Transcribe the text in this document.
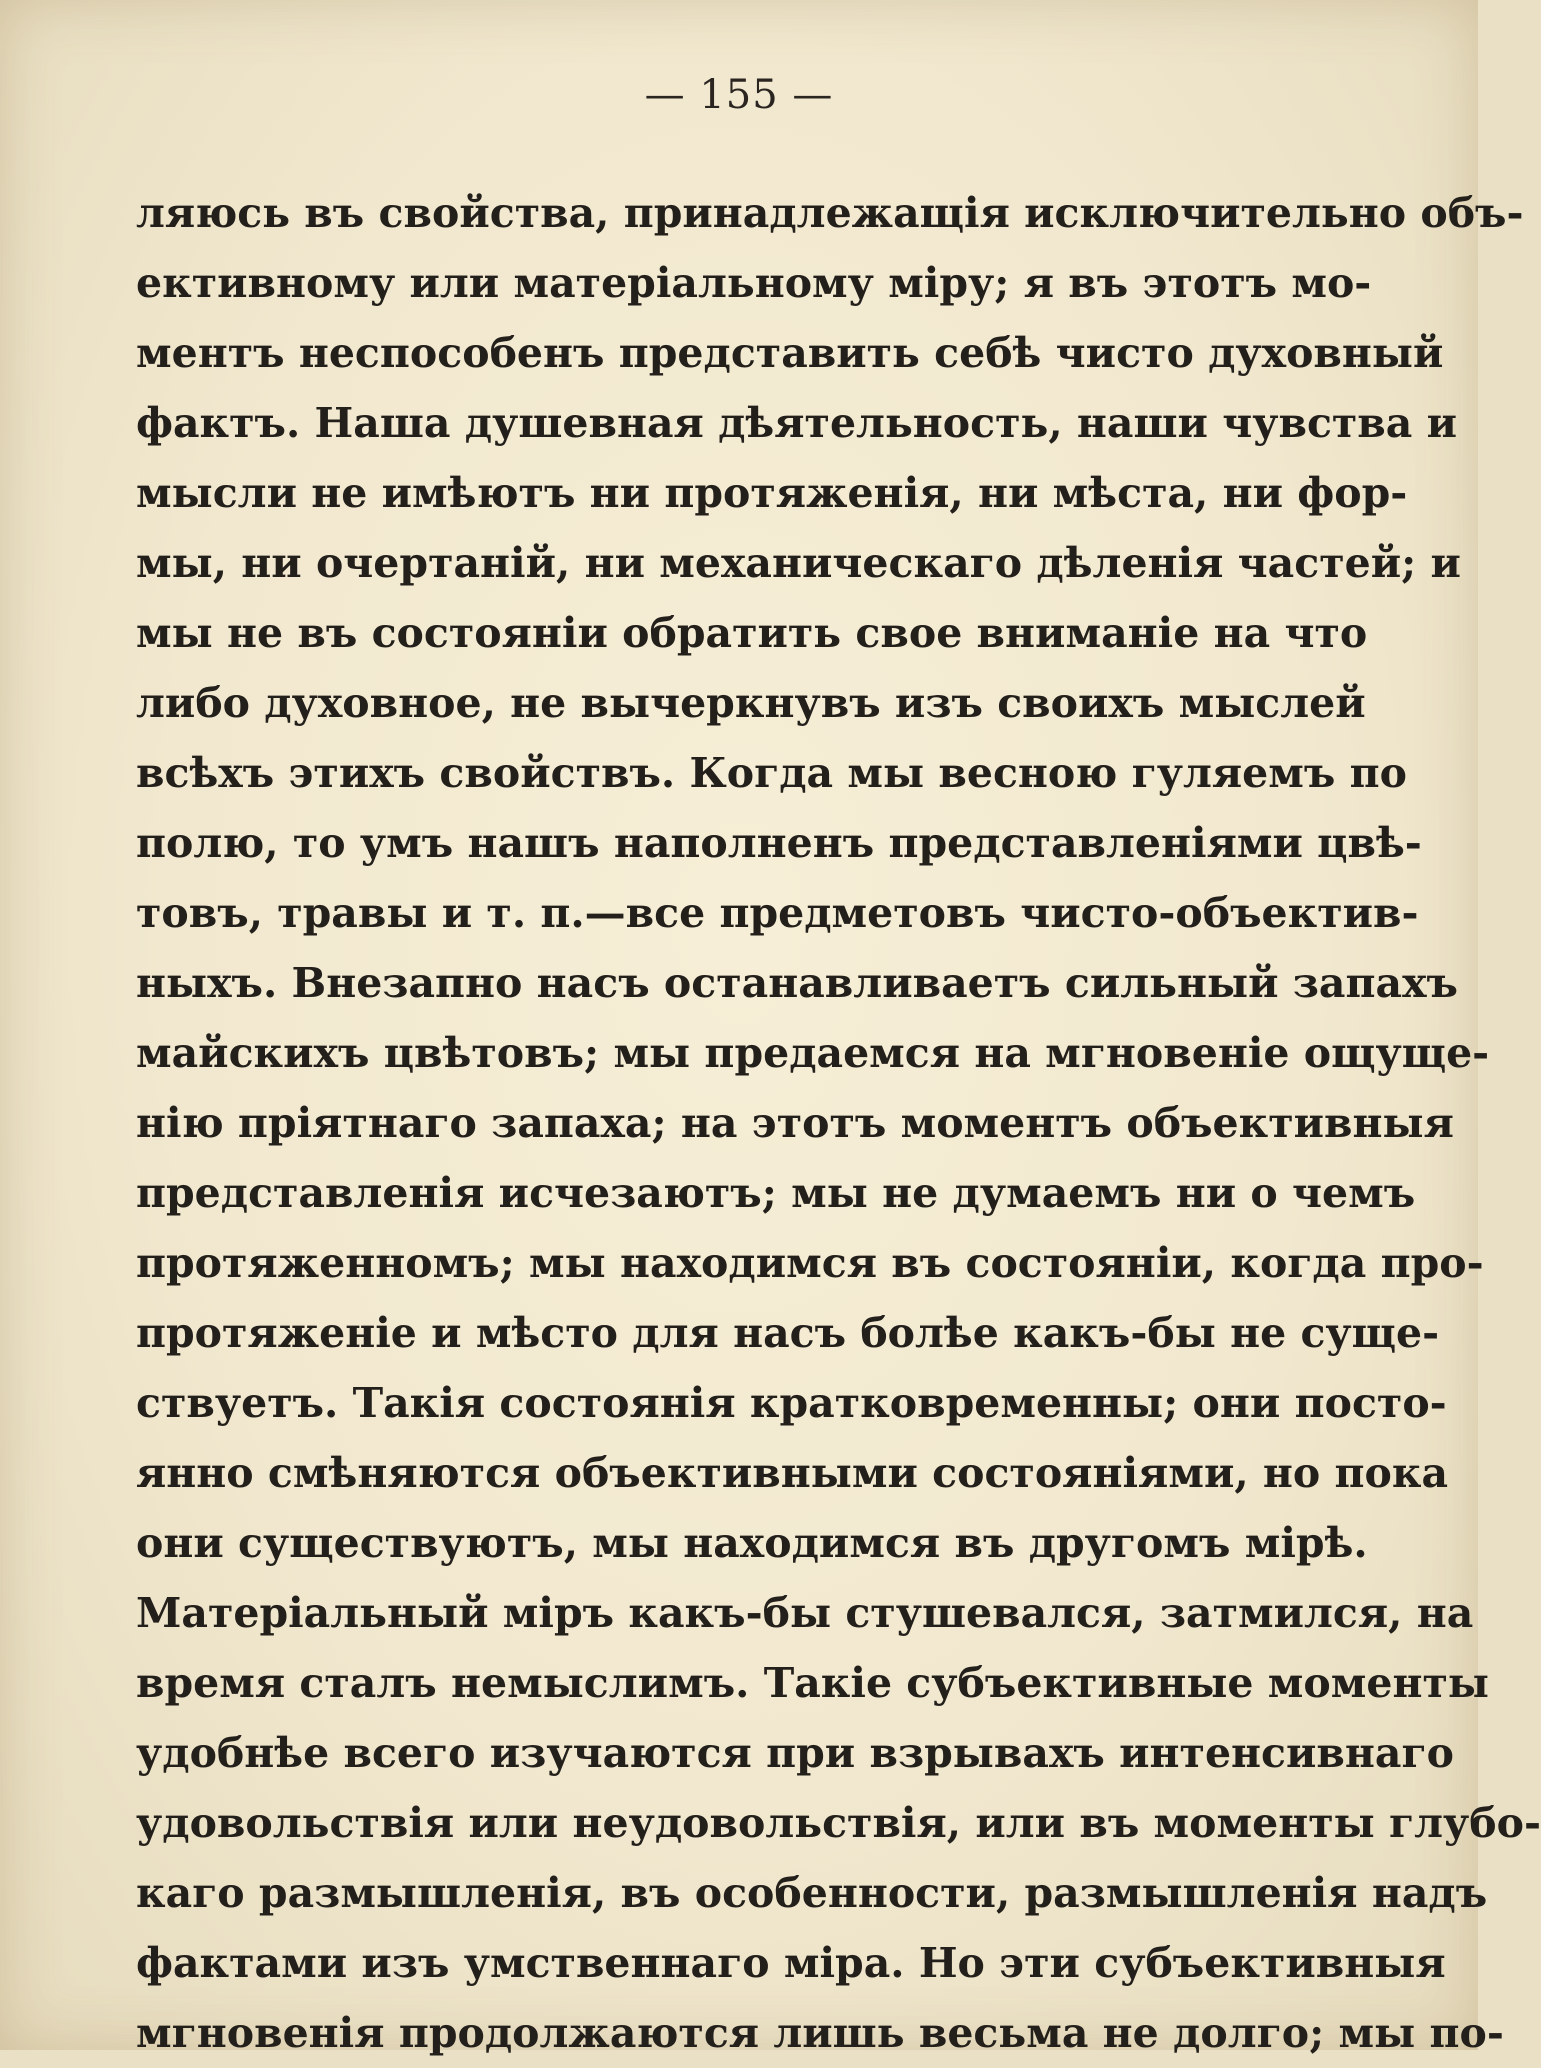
— 155 —
ляюсь въ свойства, принадлежащія исключительно объ-
ективному или матеріальному міру; я въ этотъ мо-
ментъ неспособенъ представить себѣ чисто духовный
фактъ. Наша душевная дѣятельность, наши чувства и
мысли не имѣютъ ни протяженія, ни мѣста, ни фор-
мы, ни очертаній, ни механическаго дѣленія частей; и
мы не въ состояніи обратить свое вниманіе на что
либо духовное, не вычеркнувъ изъ своихъ мыслей
всѣхъ этихъ свойствъ. Когда мы весною гуляемъ по
полю, то умъ нашъ наполненъ представленіями цвѣ-
товъ, травы и т. п.—все предметовъ чисто-объектив-
ныхъ. Внезапно насъ останавливаетъ сильный запахъ
майскихъ цвѣтовъ; мы предаемся на мгновеніе ощуще-
нію пріятнаго запаха; на этотъ моментъ объективныя
представленія исчезаютъ; мы не думаемъ ни о чемъ
протяженномъ; мы находимся въ состояніи, когда про-
протяженіе и мѣсто для насъ болѣе какъ-бы не суще-
ствуетъ. Такія состоянія кратковременны; они посто-
янно смѣняются объективными состояніями, но пока
они существуютъ, мы находимся въ другомъ мірѣ.
Матеріальный міръ какъ-бы стушевался, затмился, на
время сталъ немыслимъ. Такіе субъективные моменты
удобнѣе всего изучаются при взрывахъ интенсивнаго
удовольствія или неудовольствія, или въ моменты глубо-
каго размышленія, въ особенности, размышленія надъ
фактами изъ умственнаго міра. Но эти субъективныя
мгновенія продолжаются лишь весьма не долго; мы по-
